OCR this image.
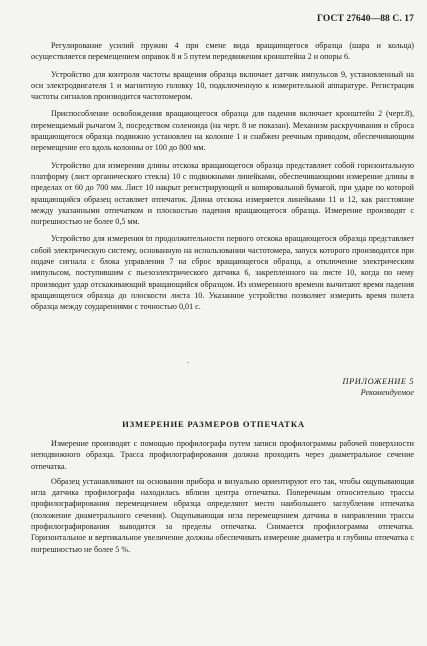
ГОСТ 27640—88 С. 17

Регулирование усилий пружин 4 при смене вида вращающегося образца (шара и кольца) осуществляется перемещением оправок 8 и 5 путем передвижения кронштейна 2 и опоры 6.

Устройство для контроля частоты вращения образца включает датчик импульсов 9, установленный на оси электродвигателя 1 и магнитную головку 10, подключенную к измерительной аппаратуре. Регистрация частоты сигналов производится частотомером.

Приспособление освобождения вращающегося образца для падения включает кронштейн 2 (черт.8), перемещаемый рычагом 3, посредством соленоида (на черт. 8 не показан). Механизм раскручивания и сброса вращающегося образца подвижно установлен на колонне 1 и снабжен реечным приводом, обеспечивающим перемещение его вдоль колонны от 100 до 800 мм.

Устройство для измерения длины отскока вращающегося образца представляет собой горизонтальную платформу (лист органического стекла) 10 с подвижными линейками, обеспечивающими измерение длины в пределах от 60 до 700 мм. Лист 10 накрыт регистрирующей и копировальной бумагой, при ударе по которой вращающийся образец оставляет отпечаток. Длина отскока измеряется линейками 11 и 12, как расстояние между указанными отпечатком и плоскостью падения вращающегося образца. Измерение производят с погрешностью не более 0,5 мм.

Устройство для измерения tп продолжительности первого отскока вращающегося образца представляет собой электрическую систему, основанную на использовании частотомера, запуск которого производится при подаче сигнала с блока управления 7 на сброс вращающегося образца, а отключение электрическим импульсом, поступившим с пьезоэлектрического датчика 6, закрепленного на листе 10, когда по нему производит удар отскакивающий вращающийся образцом. Из измеренного времени вычитают время падения вращающегося образца до плоскости листа 10. Указанное устройство позволяет измерить время полета образца между соударениями с точностью 0,01 с.

ˇ
ПРИЛОЖЕНИЕ 5
Рекомендуемое
ИЗМЕРЕНИЕ РАЗМЕРОВ ОТПЕЧАТКА

Измерение производят с помощью профилографа путем записи профилограммы рабочей поверхности неподвижного образца. Трасса профилографирования должна проходить через диаметральное сечение отпечатка.

Образец устанавливают на основании прибора и визуально ориентируют его так, чтобы ощупывающая игла датчика профилографа находилась вблизи центра отпечатка. Поперечным относительно трассы профилографирования перемещением образца определяют место наибольшего заглубления отпечатка (положение диаметрального сечения). Ощупывающая игла перемещением датчика в направлении трассы профилографирования выводится за пределы отпечатка. Снимается профилограмма отпечатка. Горизонтальное и вертикальное увеличение должны обеспечивать измерение диаметра и глубины отпечатка с погрешностью не более 5 %.
